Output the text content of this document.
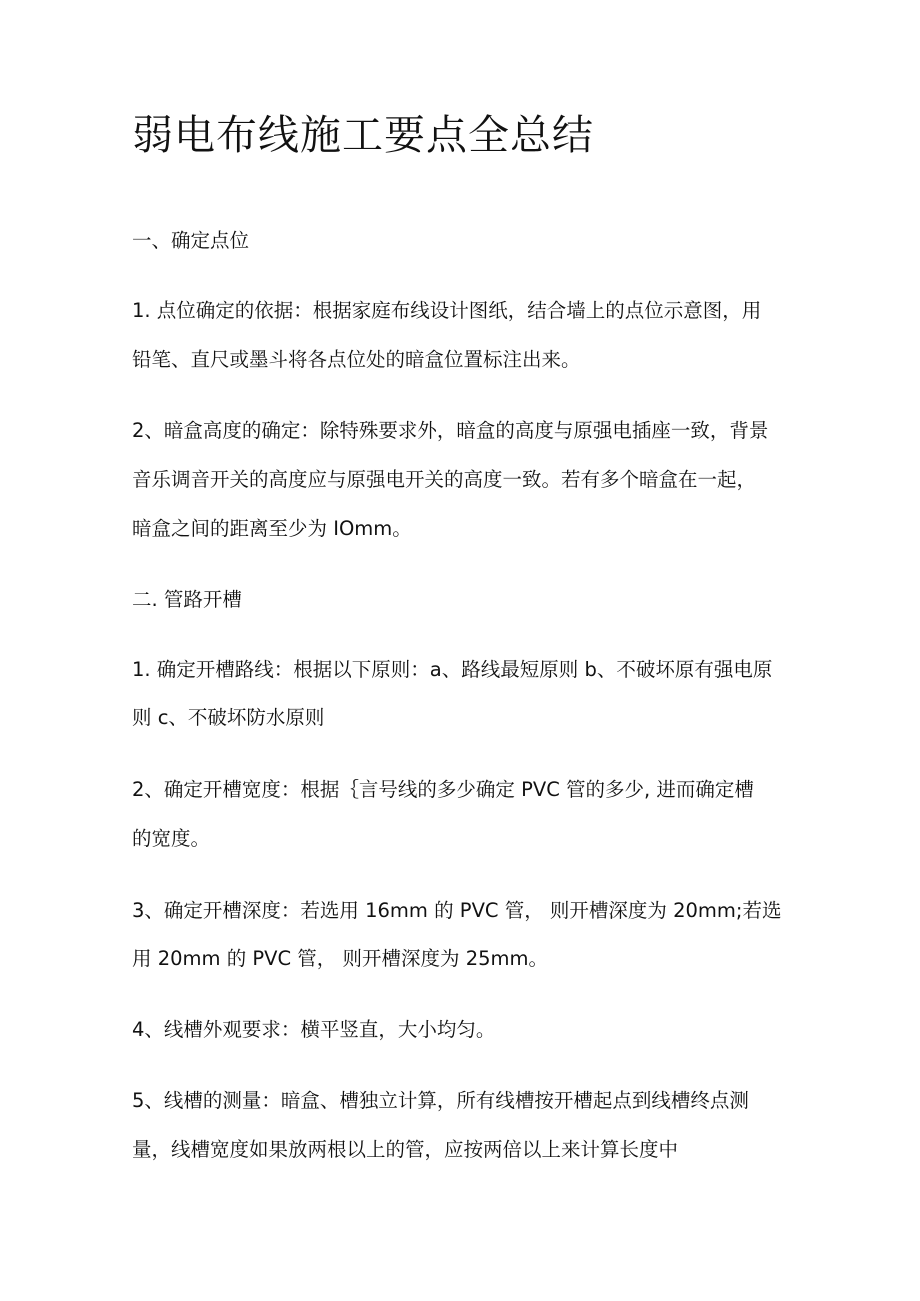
弱电布线施工要点全总结
一、确定点位
1. 点位确定的依据：根据家庭布线设计图纸，结合墙上的点位示意图，用
铅笔、直尺或墨斗将各点位处的暗盒位置标注出来。
2、暗盒高度的确定：除特殊要求外，暗盒的高度与原强电插座一致，背景
音乐调音开关的高度应与原强电开关的高度一致。若有多个暗盒在一起，
暗盒之间的距离至少为 IOmm。
二. 管路开槽
1. 确定开槽路线：根据以下原则：a、路线最短原则 b、不破坏原有强电原
则 c、不破坏防水原则
2、确定开槽宽度：根据｛言号线的多少确定 PVC 管的多少, 进而确定槽
的宽度。
3、确定开槽深度：若选用 16mm 的 PVC 管， 则开槽深度为 20mm;若选
用 20mm 的 PVC 管， 则开槽深度为 25mm。
4、线槽外观要求：横平竖直，大小均匀。
5、线槽的测量：暗盒、槽独立计算，所有线槽按开槽起点到线槽终点测
量，线槽宽度如果放两根以上的管，应按两倍以上来计算长度中
